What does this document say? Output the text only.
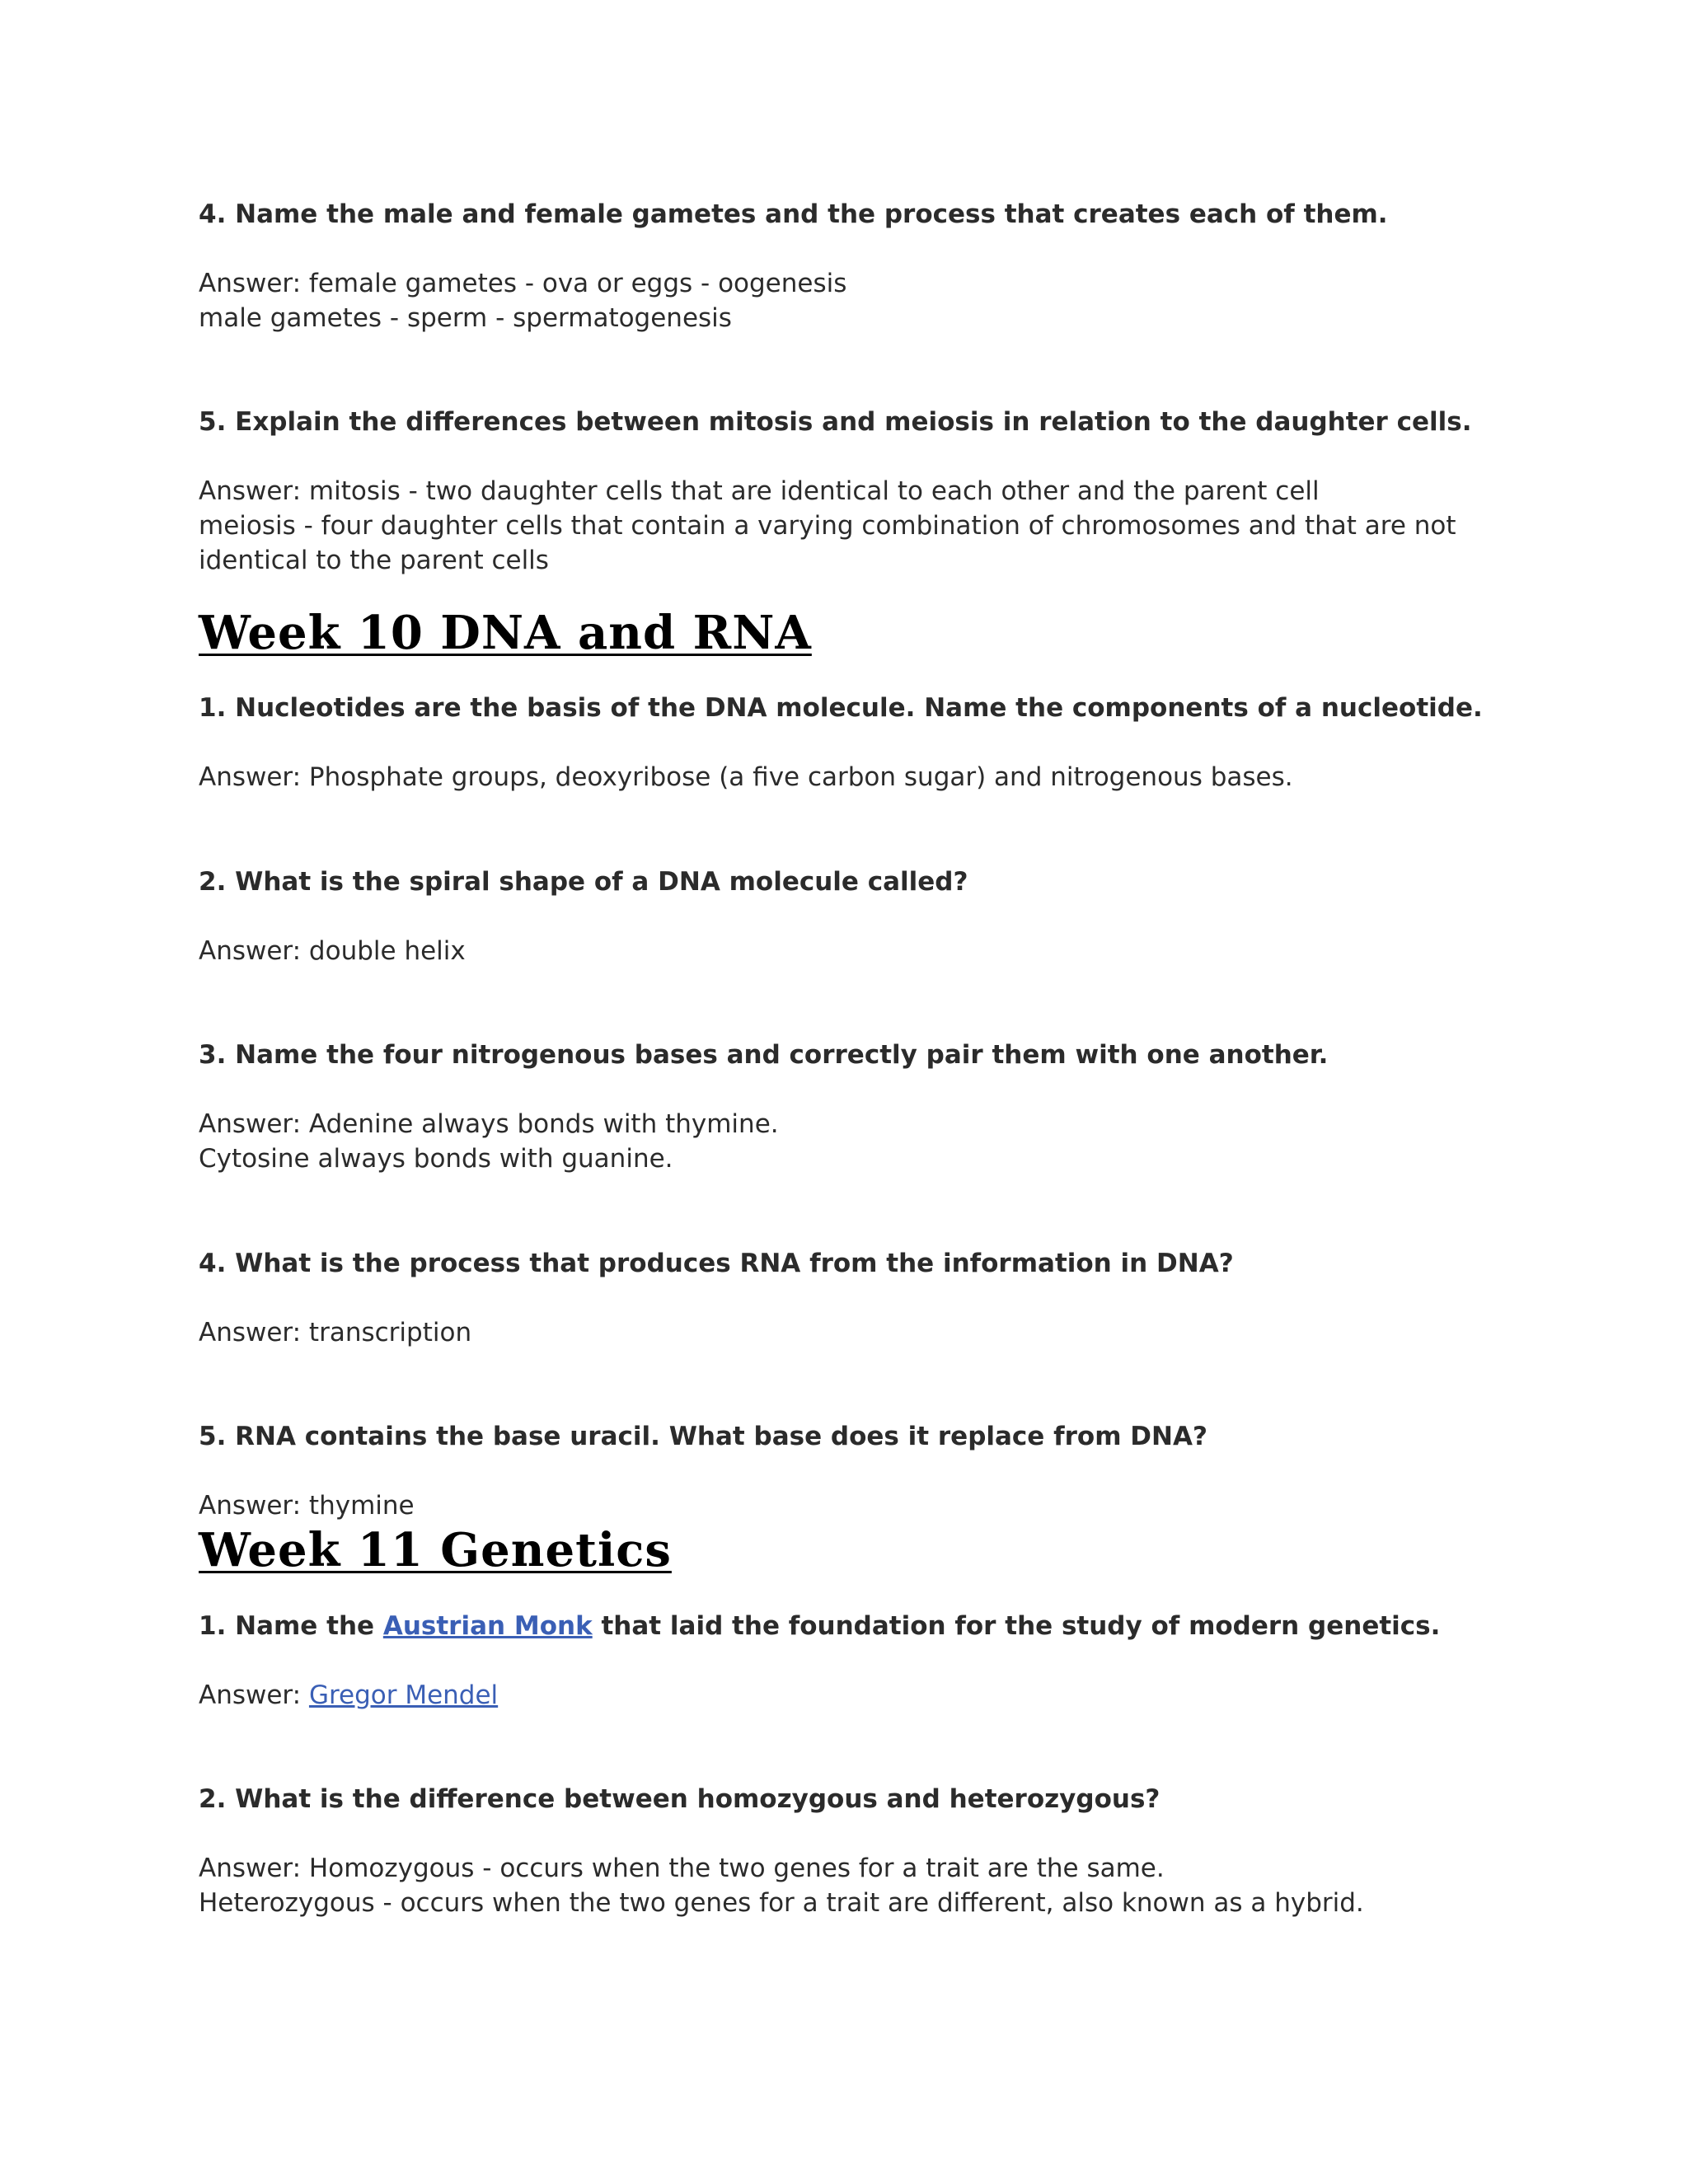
4. Name the male and female gametes and the process that creates each of them.
Answer: female gametes - ova or eggs - oogenesis
male gametes - sperm - spermatogenesis
5. Explain the differences between mitosis and meiosis in relation to the daughter cells.
Answer: mitosis - two daughter cells that are identical to each other and the parent cell
meiosis - four daughter cells that contain a varying combination of chromosomes and that are not
identical to the parent cells
Week 10 DNA and RNA
1. Nucleotides are the basis of the DNA molecule. Name the components of a nucleotide.
Answer: Phosphate groups, deoxyribose (a five carbon sugar) and nitrogenous bases.
2. What is the spiral shape of a DNA molecule called?
Answer: double helix
3. Name the four nitrogenous bases and correctly pair them with one another.
Answer: Adenine always bonds with thymine.
Cytosine always bonds with guanine.
4. What is the process that produces RNA from the information in DNA?
Answer: transcription
5. RNA contains the base uracil. What base does it replace from DNA?
Answer: thymine
Week 11 Genetics
1. Name the Austrian Monk that laid the foundation for the study of modern genetics.
Answer: Gregor Mendel
2. What is the difference between homozygous and heterozygous?
Answer: Homozygous - occurs when the two genes for a trait are the same.
Heterozygous - occurs when the two genes for a trait are different, also known as a hybrid.
